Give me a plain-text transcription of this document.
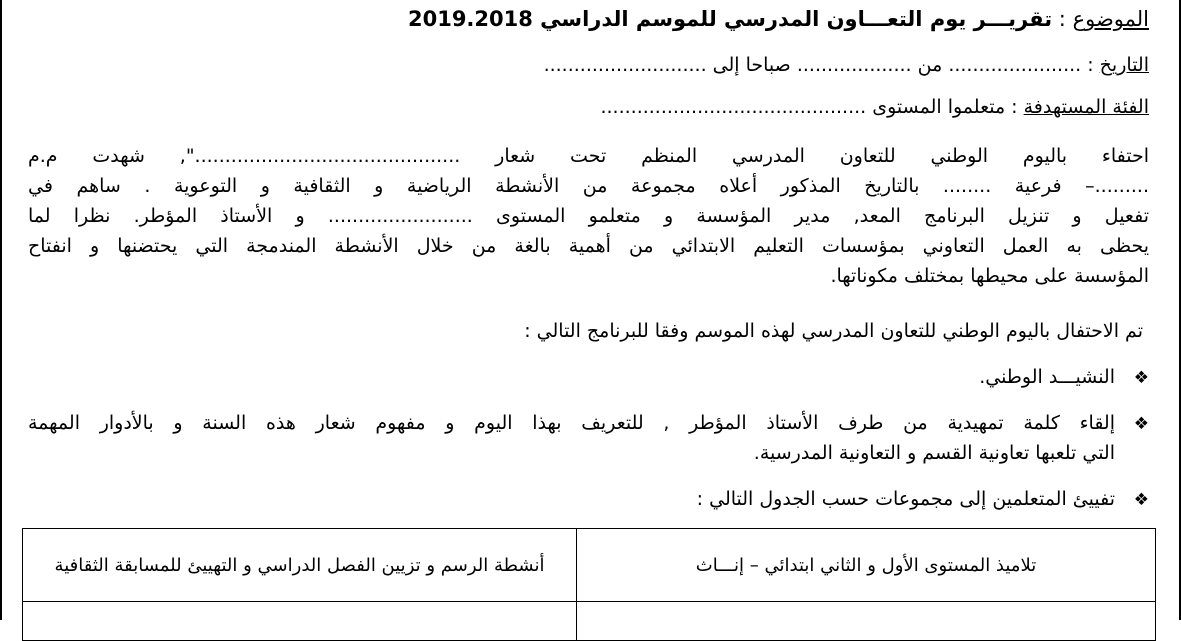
الموضوع : تقريـــر يوم التعـــاون المدرسي للموسم الدراسي 2019.2018
التاريخ : ...................... من ................... صباحا إلى ...........................
الفئة المستهدفة : متعلموا المستوى ............................................
احتفاء باليوم الوطني للتعاون المدرسي المنظم تحت شعار ............................................", شهدت م.م
.........– فرعية ........ بالتاريخ المذكور أعلاه مجموعة من الأنشطة الرياضية و الثقافية و التوعوية . ساهم في
تفعيل و تنزيل البرنامج المعد, مدير المؤسسة و متعلمو المستوى ........................ و الأستاذ المؤطر. نظرا لما
يحظى به العمل التعاوني بمؤسسات التعليم الابتدائي من أهمية بالغة من خلال الأنشطة المندمجة التي يحتضنها و انفتاح
المؤسسة على محيطها بمختلف مكوناتها.
تم الاحتفال باليوم الوطني للتعاون المدرسي لهذه الموسم وفقا للبرنامج التالي :
❖
النشيـــد الوطني.
❖
إلقاء كلمة تمهيدية من طرف الأستاذ المؤطر , للتعريف بهذا اليوم و مفهوم شعار هذه السنة و بالأدوار المهمة
التي تلعبها تعاونية القسم و التعاونية المدرسية.
❖
تفييئ المتعلمين إلى مجموعات حسب الجدول التالي :
تلاميذ المستوى الأول و الثاني ابتدائي – إنـــاث	أنشطة الرسم و تزيين الفصل الدراسي و التهييئ للمسابقة الثقافية
